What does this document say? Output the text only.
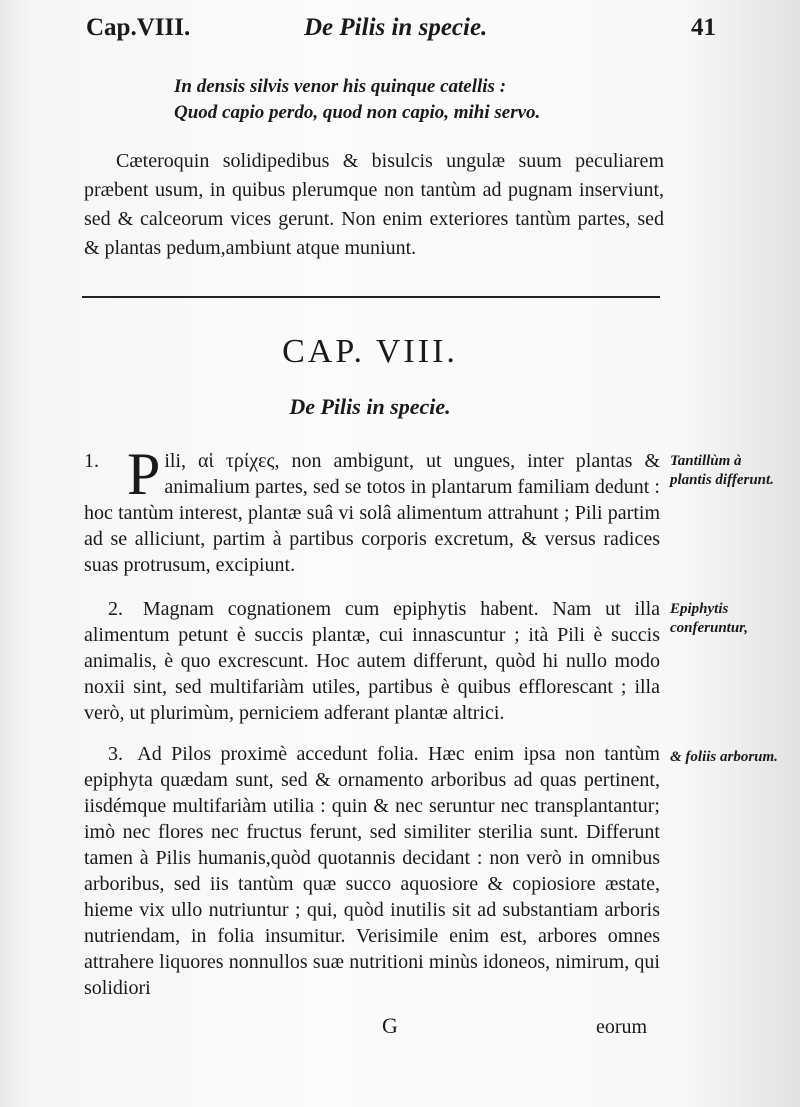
Cap.VIII.	De Pilis in specie.	41
In densis silvis venor his quinque catellis :
Quod capio perdo, quod non capio, mihi servo.
Cæteroquin solidipedibus & bisulcis ungulæ suum peculiarem præbent usum, in quibus plerumque non tantùm ad pugnam inserviunt, sed & calceorum vices gerunt. Non enim exteriores tantùm partes, sed & plantas pedum,ambiunt atque muniunt.
CAP. VIII.
De Pilis in specie.
1. P ili, αἱ τρίχες, non ambigunt, ut ungues, inter plantas & animalium partes, sed se totos in plantarum familiam dedunt : hoc tantùm interest, plantæ suâ vi solâ alimentum attrahunt ; Pili partim ad se alliciunt, partim à partibus corporis excretum, & versus radices suas protrusum, excipiunt.
Tantillùm à plantis differunt.
2. Magnam cognationem cum epiphytis habent. Nam ut illa alimentum petunt è succis plantæ, cui innascuntur ; ità Pili è succis animalis, è quo excrescunt. Hoc autem differunt, quòd hi nullo modo noxii sint, sed multifariàm utiles, partibus è quibus efflorescant ; illa verò, ut plurimùm, perniciem adferant plantæ altrici.
Epiphytis conferuntur,
3. Ad Pilos proximè accedunt folia. Hæc enim ipsa non tantùm epiphyta quædam sunt, sed & ornamento arboribus ad quas pertinent, iisdémque multifariàm utilia : quin & nec seruntur nec transplantantur; imò nec flores nec fructus ferunt, sed similiter sterilia sunt. Differunt tamen à Pilis humanis,quòd quotannis decidant : non verò in omnibus arboribus, sed iis tantùm quæ succo aquosiore & copiosiore æstate, hieme vix ullo nutriuntur ; qui, quòd inutilis sit ad substantiam arboris nutriendam, in folia insumitur. Verisimile enim est, arbores omnes attrahere liquores nonnullos suæ nutritioni minùs idoneos, nimirum, qui solidiori
& foliis arborum.
G	eorum
